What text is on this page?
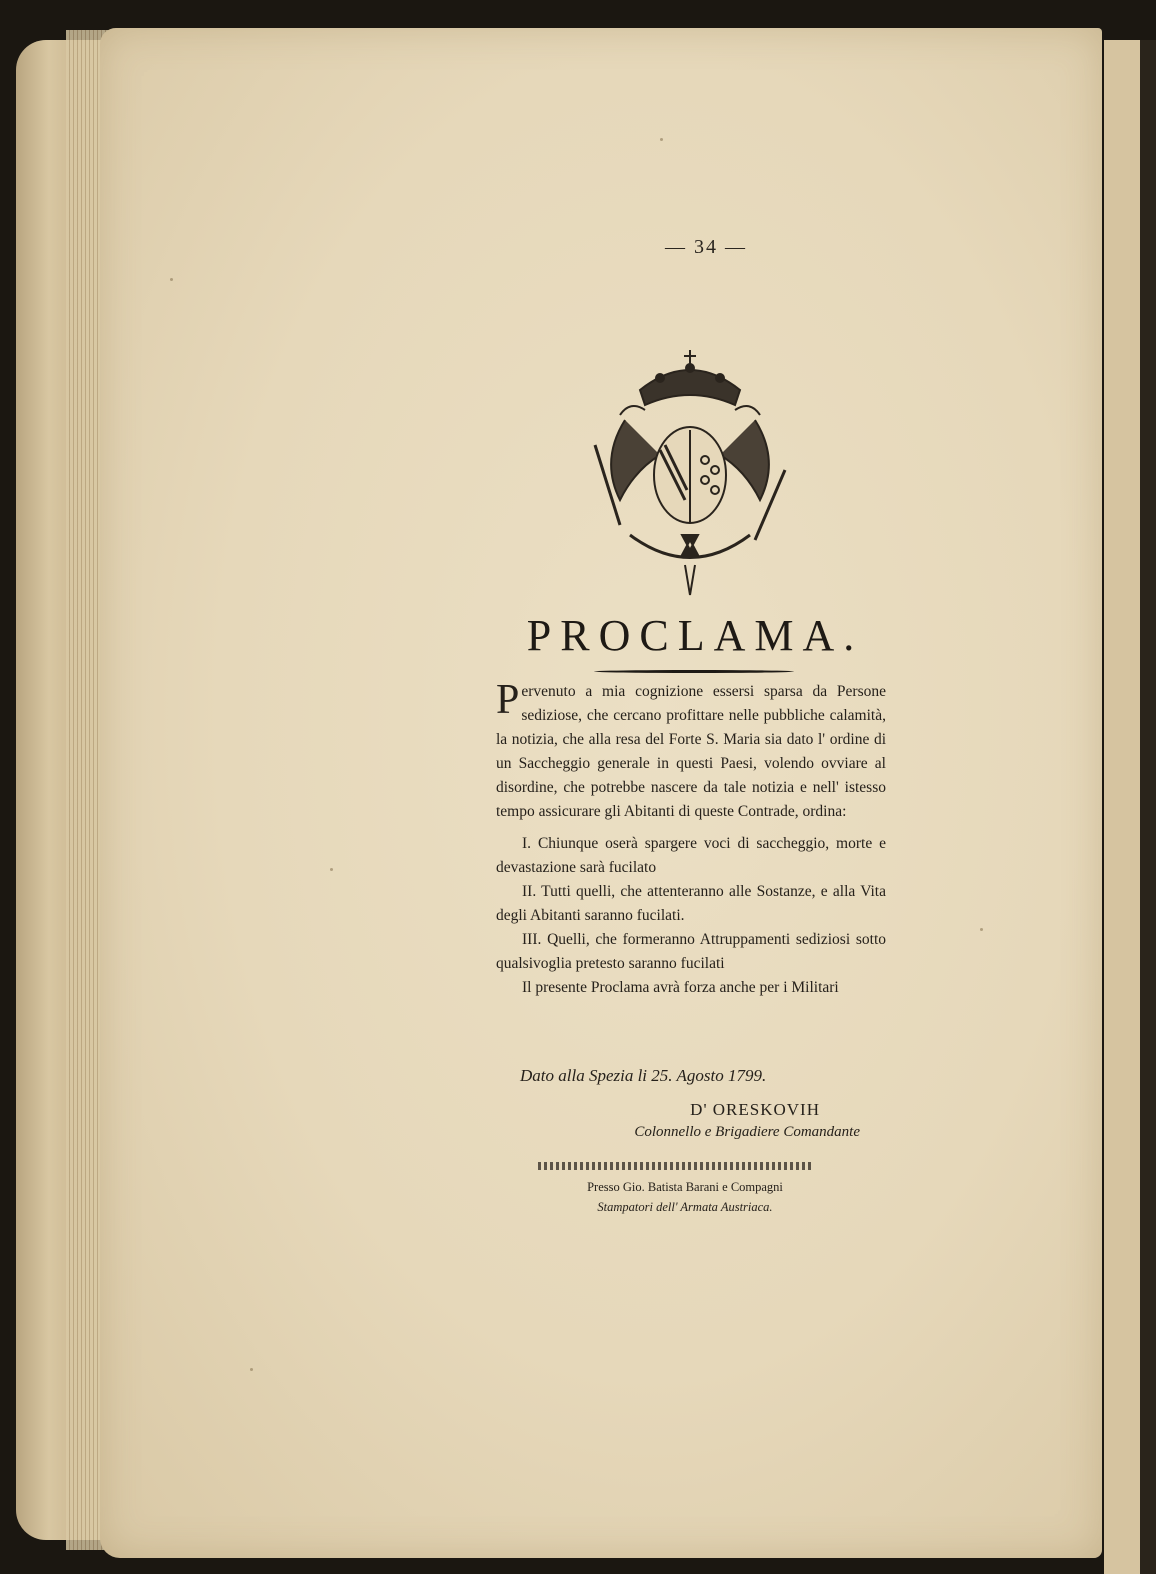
— 34 —
PROCLAMA.

Pervenuto a mia cognizione essersi sparsa da Persone sediziose, che cercano profittare nelle pubbliche calamità, la notizia, che alla resa del Forte S. Maria sia dato l' ordine di un Saccheggio generale in questi Paesi, volendo ovviare al disordine, che potrebbe nascere da tale notizia e nell' istesso tempo assicurare gli Abitanti di queste Contrade, ordina:

I. Chiunque oserà spargere voci di saccheggio, morte e devastazione sarà fucilato

II. Tutti quelli, che attenteranno alle Sostanze, e alla Vita degli Abitanti saranno fucilati.

III. Quelli, che formeranno Attruppamenti sediziosi sotto qualsivoglia pretesto saranno fucilati

Il presente Proclama avrà forza anche per i Militari

Dato alla Spezia li 25. Agosto 1799.
D' ORESKOVIH
Colonnello e Brigadiere Comandante
Presso Gio. Batista Barani e Compagni
Stampatori dell' Armata Austriaca.
